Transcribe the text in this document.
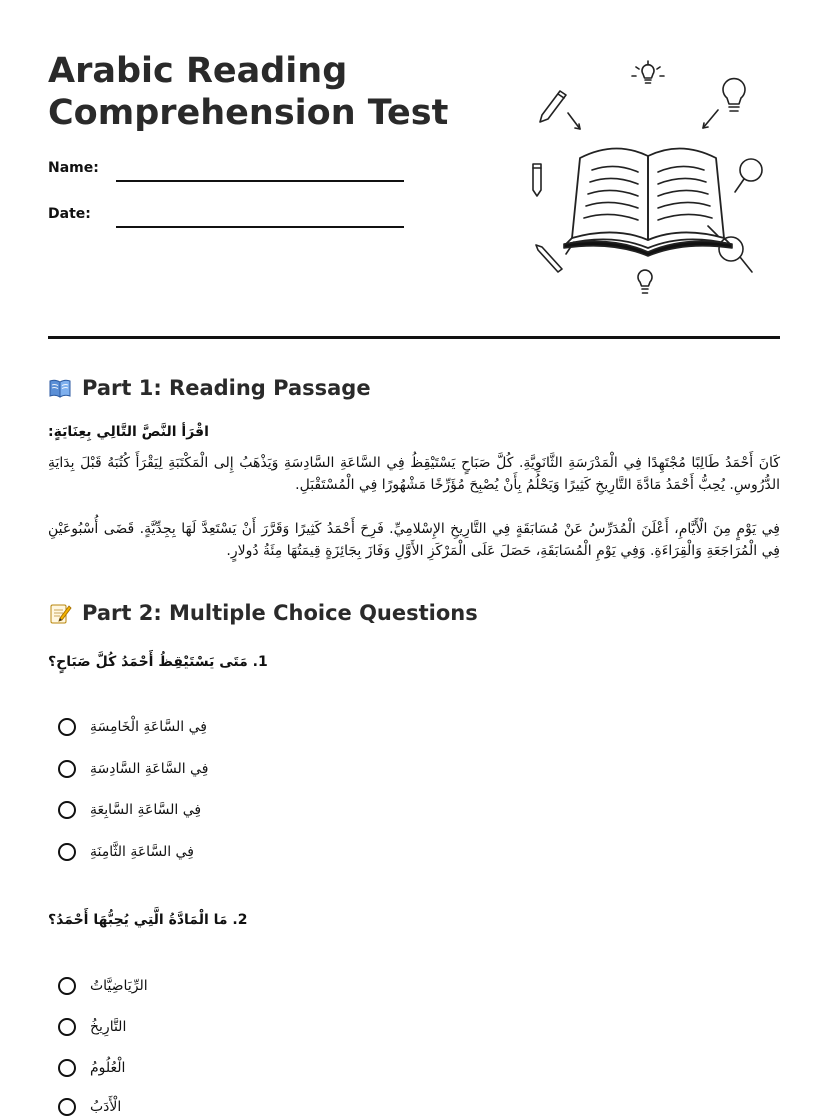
Arabic Reading
Comprehension Test
Name:
Date:
Part 1: Reading Passage
اقْرَأ النَّصَّ التَّالِي بِعِنَايَةٍ:

كَانَ أَحْمَدُ طَالِبًا مُجْتَهِدًا فِي الْمَدْرَسَةِ الثَّانَوِيَّةِ. كُلَّ صَبَاحٍ يَسْتَيْقِظُ فِي السَّاعَةِ السَّادِسَةِ وَيَذْهَبُ إِلى الْمَكْتَبَةِ لِيَقْرَأَ كُتُبَهُ قَبْلَ بِدَايَةِ الدُّرُوسِ. يُحِبُّ أَحْمَدُ مَادَّةَ التَّارِيخِ كَثِيرًا وَيَحْلُمُ بِأَنْ يُصْبِحَ مُؤَرِّخًا مَشْهُورًا فِي الْمُسْتَقْبَلِ.

فِي يَوْمٍ مِنَ الْأَيَّامِ، أَعْلَنَ الْمُدَرِّسُ عَنْ مُسَابَقَةٍ فِي التَّارِيخِ الإِسْلامِيِّ. فَرِحَ أَحْمَدُ كَثِيرًا وَقَرَّرَ أَنْ يَسْتَعِدَّ لَهَا بِجِدِّيَّةٍ. قَضَى أُسْبُوعَيْنِ فِي الْمُرَاجَعَةِ وَالْقِرَاءَةِ. وَفِي يَوْمِ الْمُسَابَقَةِ، حَصَلَ عَلَى الْمَرْكَزِ الأَوَّلِ وَفَازَ بِجَائِزَةٍ قِيمَتُهَا مِئَةُ دُولارٍ.

Part 2: Multiple Choice Questions
1. مَتَى يَسْتَيْقِظُ أَحْمَدُ كُلَّ صَبَاحٍ؟
فِي السَّاعَةِ الْخَامِسَةِ
فِي السَّاعَةِ السَّادِسَةِ
فِي السَّاعَةِ السَّابِعَةِ
فِي السَّاعَةِ الثَّامِنَةِ
2. مَا الْمَادَّةُ الَّتِي يُحِبُّهَا أَحْمَدُ؟
الرِّيَاضِيَّاتُ
التَّارِيخُ
الْعُلُومُ
الْأَدَبُ
